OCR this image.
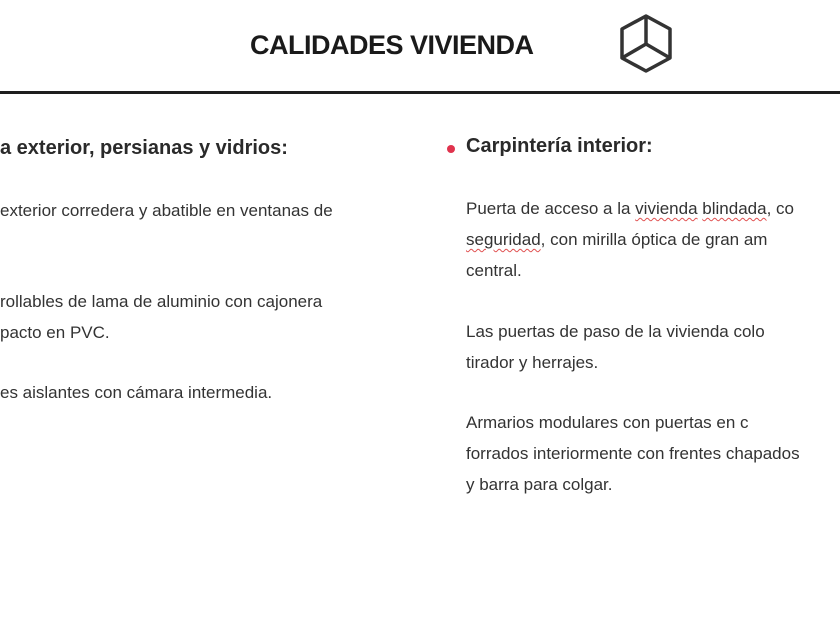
CALIDADES VIVIENDA
a exterior, persianas y vidrios:
exterior corredera y abatible en ventanas de
rollables de lama de aluminio con cajonera
pacto en PVC.
es aislantes con cámara intermedia.
Carpintería interior:
Puerta de acceso a la vivienda blindada, co
seguridad, con mirilla óptica de gran am
central.
Las puertas de paso de la vivienda colo
tirador y herrajes.
Armarios modulares con puertas en c
forrados interiormente con frentes chapados
y barra para colgar.
